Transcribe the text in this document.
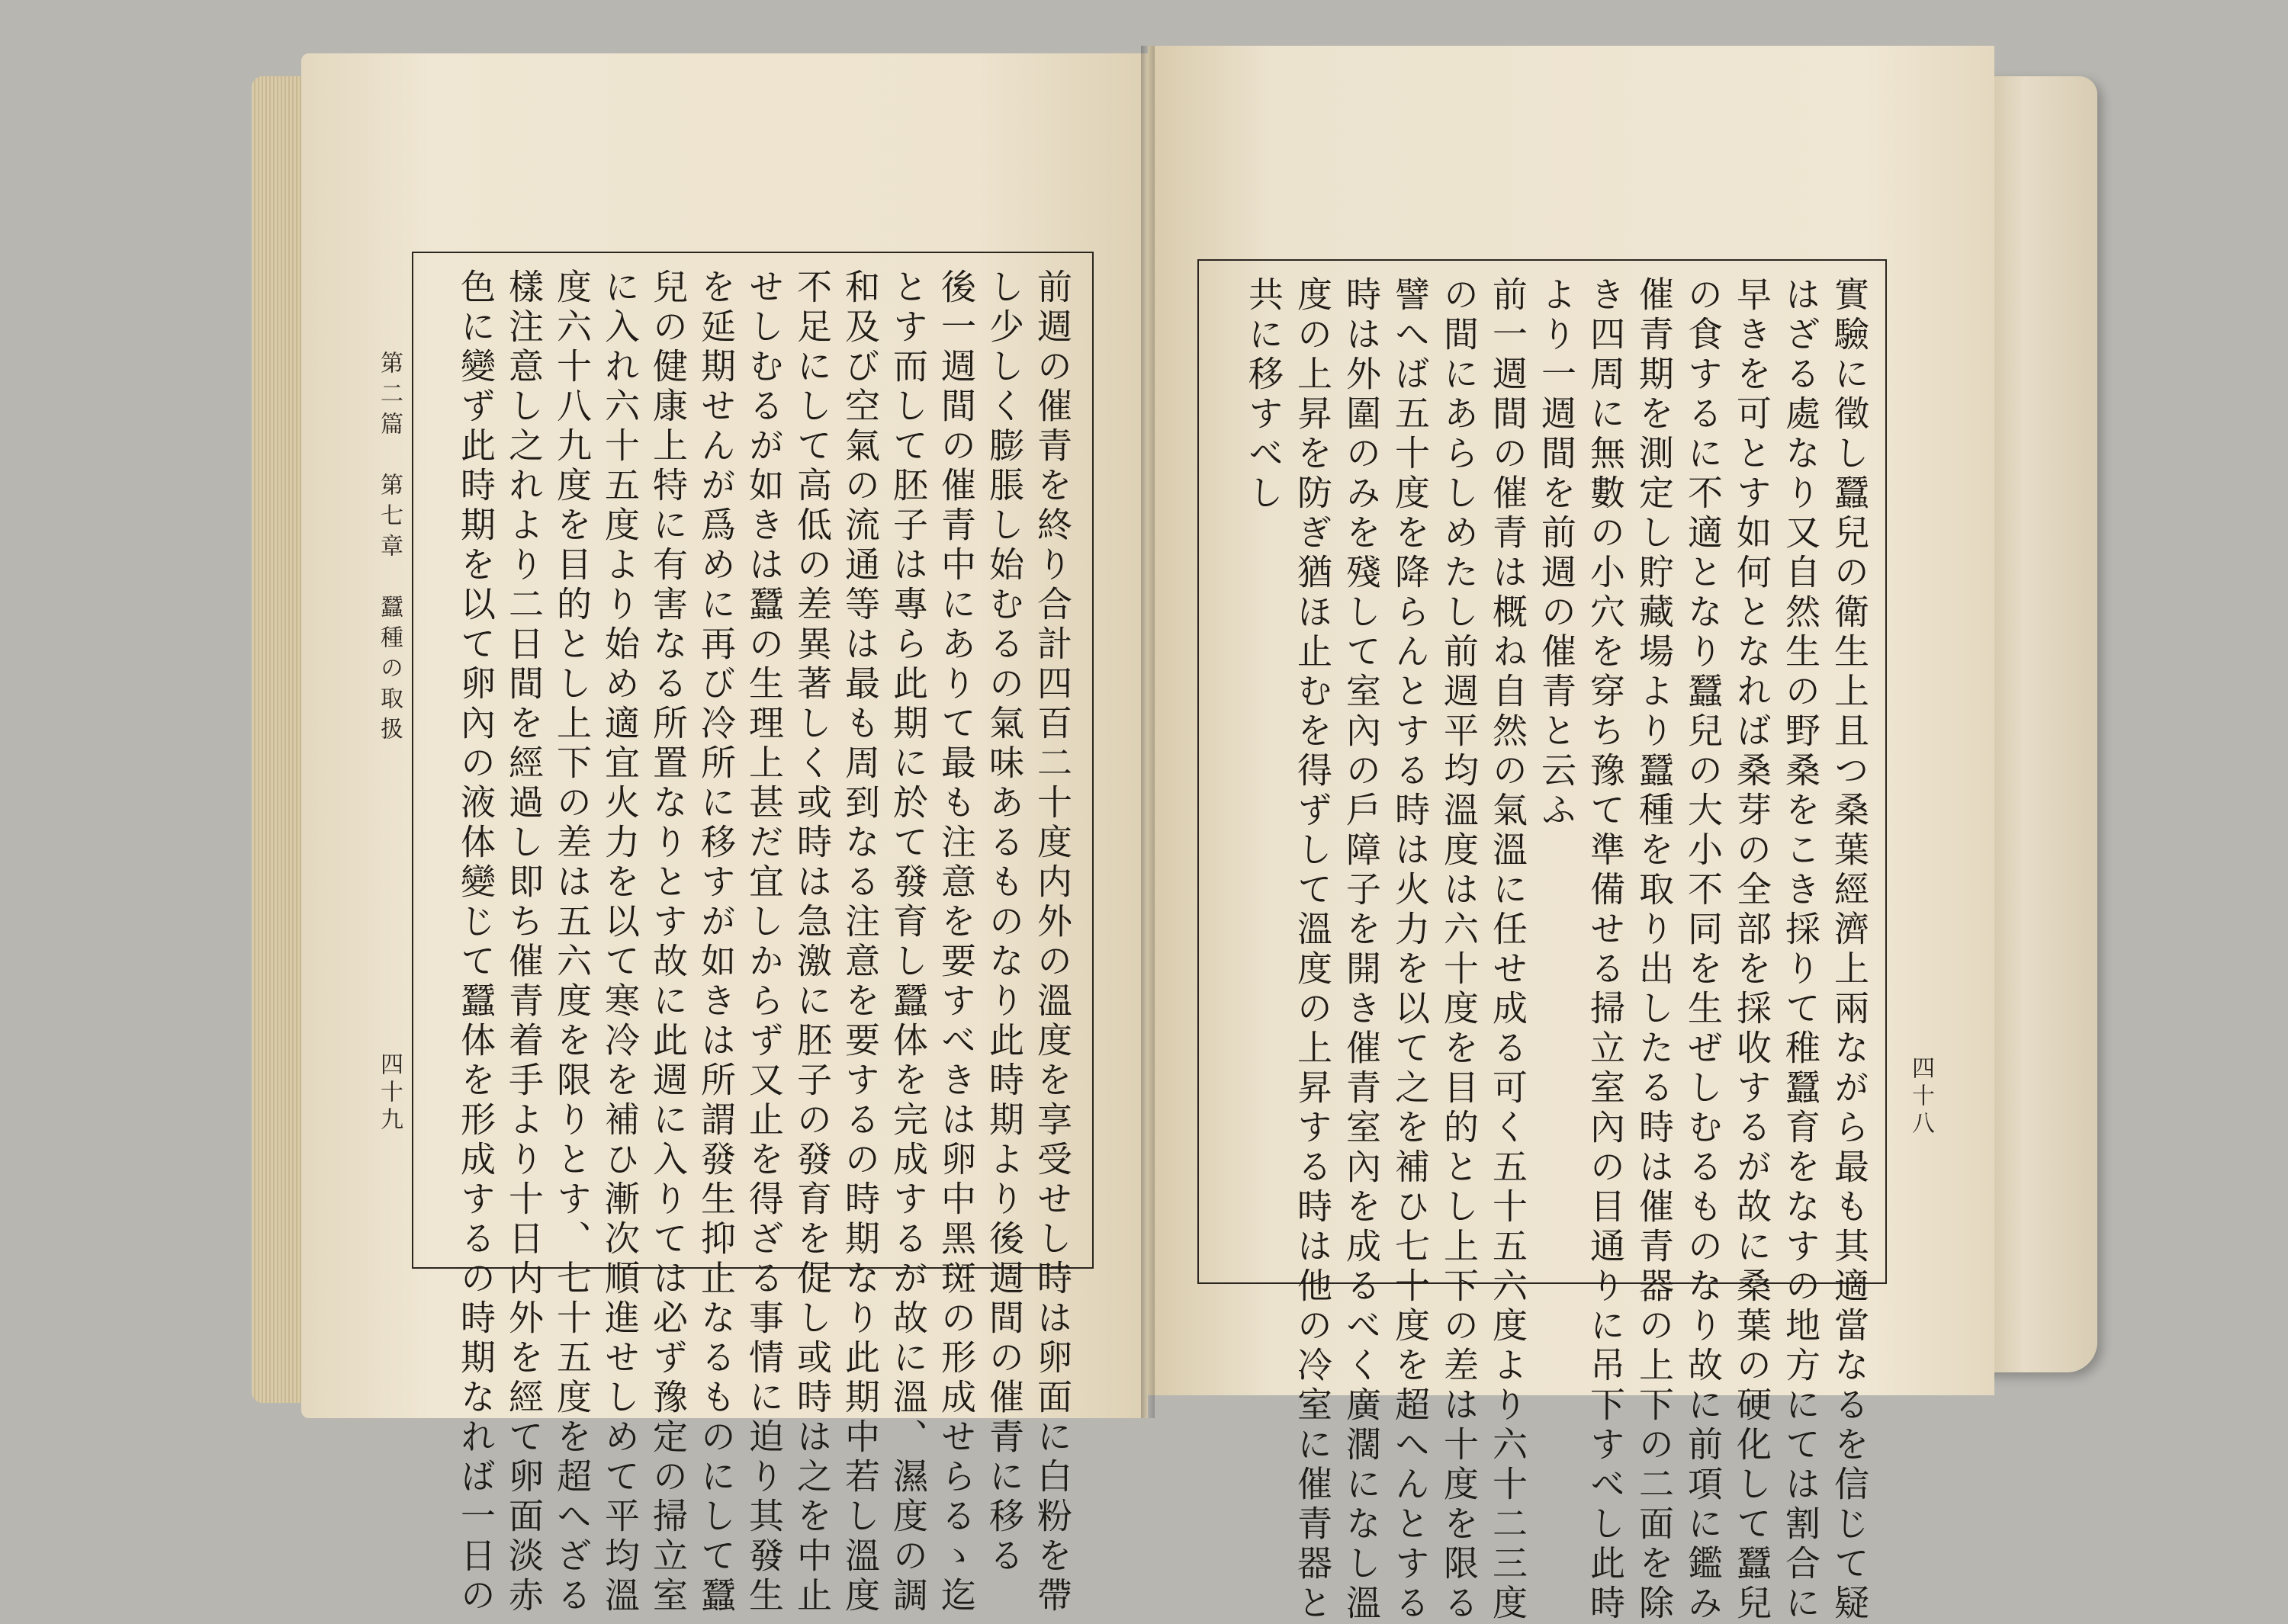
第二篇　第七章　蠶種の取扱
四十九	四十八
前週の催青を終り合計四百二十度内外の溫度を享受せし時は卵面に白粉を帶
し少しく膨脹し始むるの氣味あるものなり此時期より後週間の催青に移る
後一週間の催青中にありて最も注意を要すべきは卵中黑斑の形成せらるゝ迄
とす而して胚子は專ら此期に於て發育し蠶体を完成するが故に溫、濕度の調
和及び空氣の流通等は最も周到なる注意を要するの時期なり此期中若し溫度
不足にして高低の差異著しく或時は急激に胚子の發育を促し或時は之を中止
せしむるが如きは蠶の生理上甚だ宜しからず又止を得ざる事情に迫り其發生
を延期せんが爲めに再び冷所に移すが如きは所謂發生抑止なるものにして蠶
兒の健康上特に有害なる所置なりとす故に此週に入りては必ず豫定の掃立室
に入れ六十五度より始め適宜火力を以て寒冷を補ひ漸次順進せしめて平均溫
度六十八九度を目的とし上下の差は五六度を限りとす、七十五度を超へざる
樣注意し之れより二日間を經過し即ち催青着手より十日内外を經て卵面淡赤
色に變ず此時期を以て卵內の液体變じて蠶体を形成するの時期なれば一日の	實驗に徵し蠶兒の衛生上且つ桑葉經濟上兩ながら最も其適當なるを信じて疑
はざる處なり又自然生の野桑をこき採りて稚蠶育をなすの地方にては割合に
早きを可とす如何となれば桑芽の全部を採收するが故に桑葉の硬化して蠶兒
の食するに不適となり蠶兒の大小不同を生ぜしむるものなり故に前項に鑑み
催青期を測定し貯藏場より蠶種を取り出したる時は催青器の上下の二面を除
き四周に無數の小穴を穿ち豫て準備せる掃立室內の目通りに吊下すべし此時
より一週間を前週の催青と云ふ
前一週間の催青は概ね自然の氣溫に任せ成る可く五十五六度より六十二三度
の間にあらしめたし前週平均溫度は六十度を目的とし上下の差は十度を限る
譬へば五十度を降らんとする時は火力を以て之を補ひ七十度を超へんとする
時は外圍のみを殘して室內の戶障子を開き催青室內を成るべく廣濶になし溫
度の上昇を防ぎ猶ほ止むを得ずして溫度の上昇する時は他の冷室に催青器と
共に移すべし
